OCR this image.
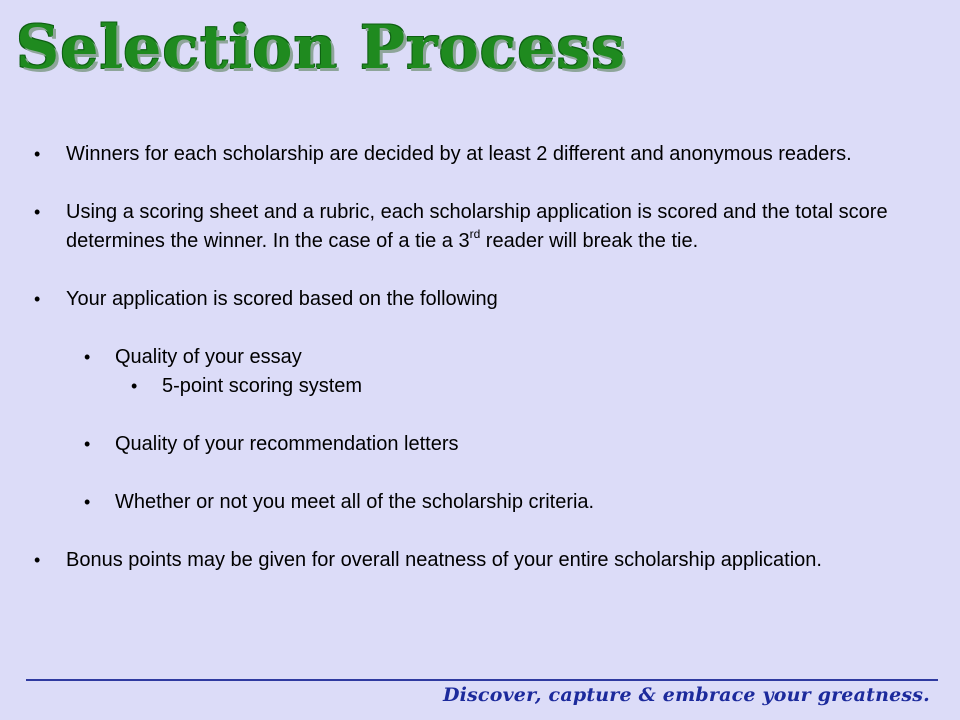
Selection Process

• Winners for each scholarship are decided by at least 2 different and anonymous readers.

• Using a scoring sheet and a rubric, each scholarship application is scored and the total score determines the winner. In the case of a tie a 3rd reader will break the tie.

• Your application is scored based on the following

• Quality of your essay

• 5-point scoring system

• Quality of your recommendation letters

• Whether or not you meet all of the scholarship criteria.

• Bonus points may be given for overall neatness of your entire scholarship application.

Discover, capture & embrace your greatness.
